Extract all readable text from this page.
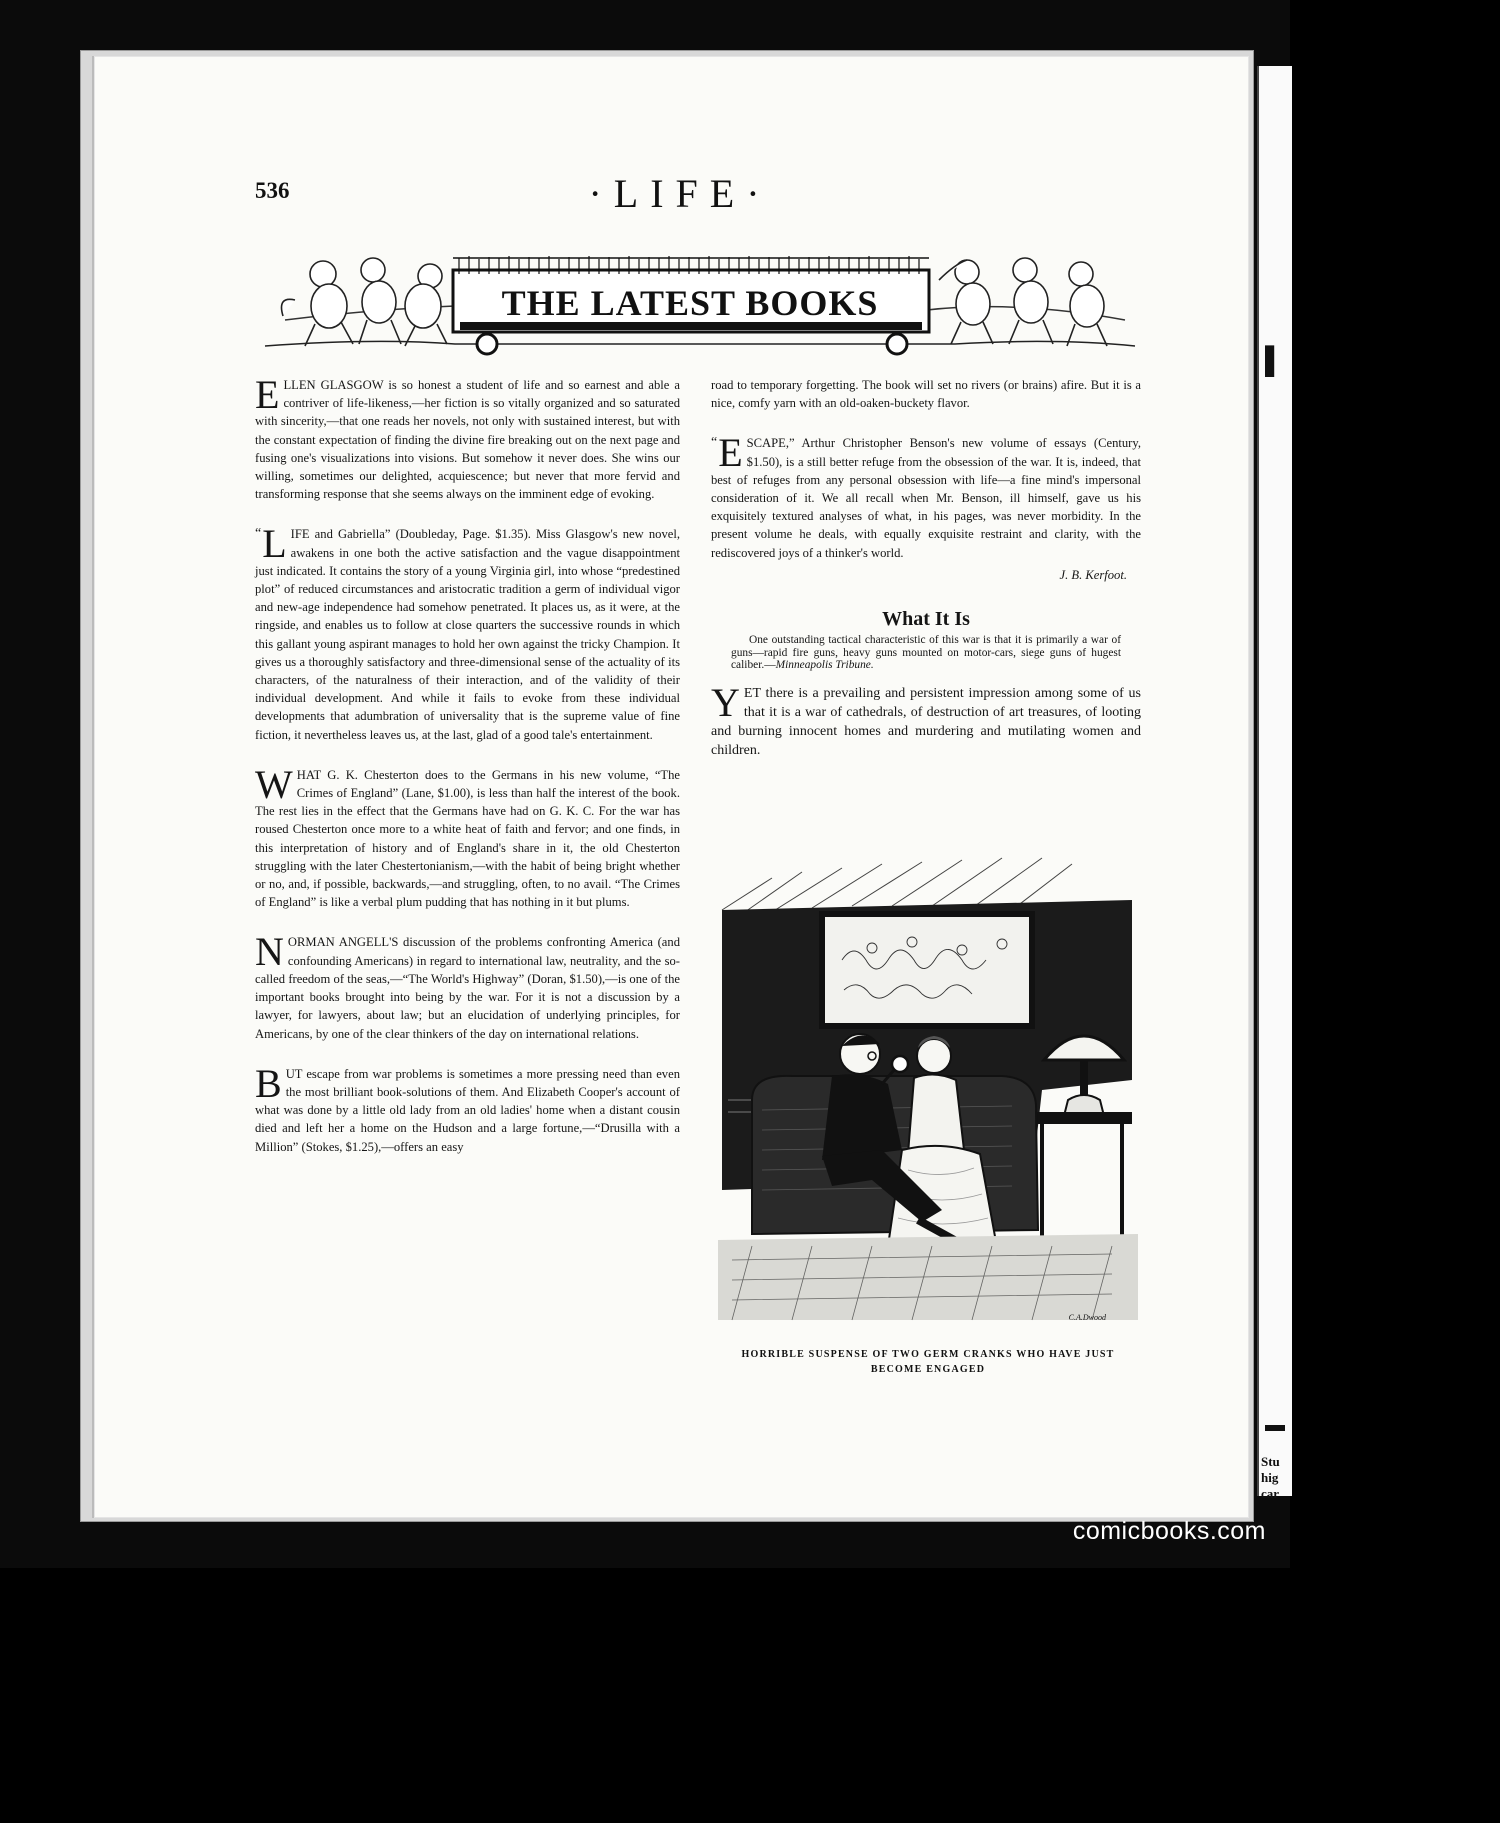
▌
▬
Stu
hig
car
536	·LIFE·
THE LATEST BOOKS

ELLEN GLASGOW is so honest a student of life and so earnest and able a contriver of life-likeness,—her fiction is so vitally organized and so saturated with sincerity,—that one reads her novels, not only with sustained interest, but with the constant expectation of finding the divine fire breaking out on the next page and fusing one's visualizations into visions. But somehow it never does. She wins our willing, sometimes our delighted, acquiescence; but never that more fervid and transforming response that she seems always on the imminent edge of evoking.

“ L IFE and Gabriella” (Doubleday, Page. $1.35). Miss Glasgow's new novel, awakens in one both the active satisfaction and the vague disappointment just indicated. It contains the story of a young Virginia girl, into whose “predestined plot” of reduced circumstances and aristocratic tradition a germ of individual vigor and new-age independence had somehow penetrated. It places us, as it were, at the ringside, and enables us to follow at close quarters the successive rounds in which this gallant young aspirant manages to hold her own against the tricky Champion. It gives us a thoroughly satisfactory and three-dimensional sense of the actuality of its characters, of the naturalness of their interaction, and of the validity of their individual development. And while it fails to evoke from these individual developments that adumbration of universality that is the supreme value of fine fiction, it nevertheless leaves us, at the last, glad of a good tale's entertainment.

WHAT G. K. Chesterton does to the Germans in his new volume, “The Crimes of England” (Lane, $1.00), is less than half the interest of the book. The rest lies in the effect that the Germans have had on G. K. C. For the war has roused Chesterton once more to a white heat of faith and fervor; and one finds, in this interpretation of history and of England's share in it, the old Chesterton struggling with the later Chestertonianism,—with the habit of being bright whether or no, and, if possible, backwards,—and struggling, often, to no avail. “The Crimes of England” is like a verbal plum pudding that has nothing in it but plums.

NORMAN ANGELL'S discussion of the problems confronting America (and confounding Americans) in regard to international law, neutrality, and the so-called freedom of the seas,—“The World's Highway” (Doran, $1.50),—is one of the important books brought into being by the war. For it is not a discussion by a lawyer, for lawyers, about law; but an elucidation of underlying principles, for Americans, by one of the clear thinkers of the day on international relations.

BUT escape from war problems is sometimes a more pressing need than even the most brilliant book-solutions of them. And Elizabeth Cooper's account of what was done by a little old lady from an old ladies' home when a distant cousin died and left her a home on the Hudson and a large fortune,—“Drusilla with a Million” (Stokes, $1.25),—offers an easy

road to temporary forgetting. The book will set no rivers (or brains) afire. But it is a nice, comfy yarn with an old-oaken-buckety flavor.

“ E SCAPE,” Arthur Christopher Benson's new volume of essays (Century, $1.50), is a still better refuge from the obsession of the war. It is, indeed, that best of refuges from any personal obsession with life—a fine mind's impersonal consideration of it. We all recall when Mr. Benson, ill himself, gave us his exquisitely textured analyses of what, in his pages, was never morbidity. In the present volume he deals, with equally exquisite restraint and clarity, with the rediscovered joys of a thinker's world.

J. B. Kerfoot.
What It Is
One outstanding tactical characteristic of this war is that it is primarily a war of guns—rapid fire guns, heavy guns mounted on motor-cars, siege guns of hugest caliber.—Minneapolis Tribune.

YET there is a prevailing and persistent impression among some of us that it is a war of cathedrals, of destruction of art treasures, of looting and burning innocent homes and murdering and mutilating women and children.

C.A.Dwood
HORRIBLE SUSPENSE OF TWO GERM CRANKS WHO HAVE JUST
BECOME ENGAGED
comicbooks.com
